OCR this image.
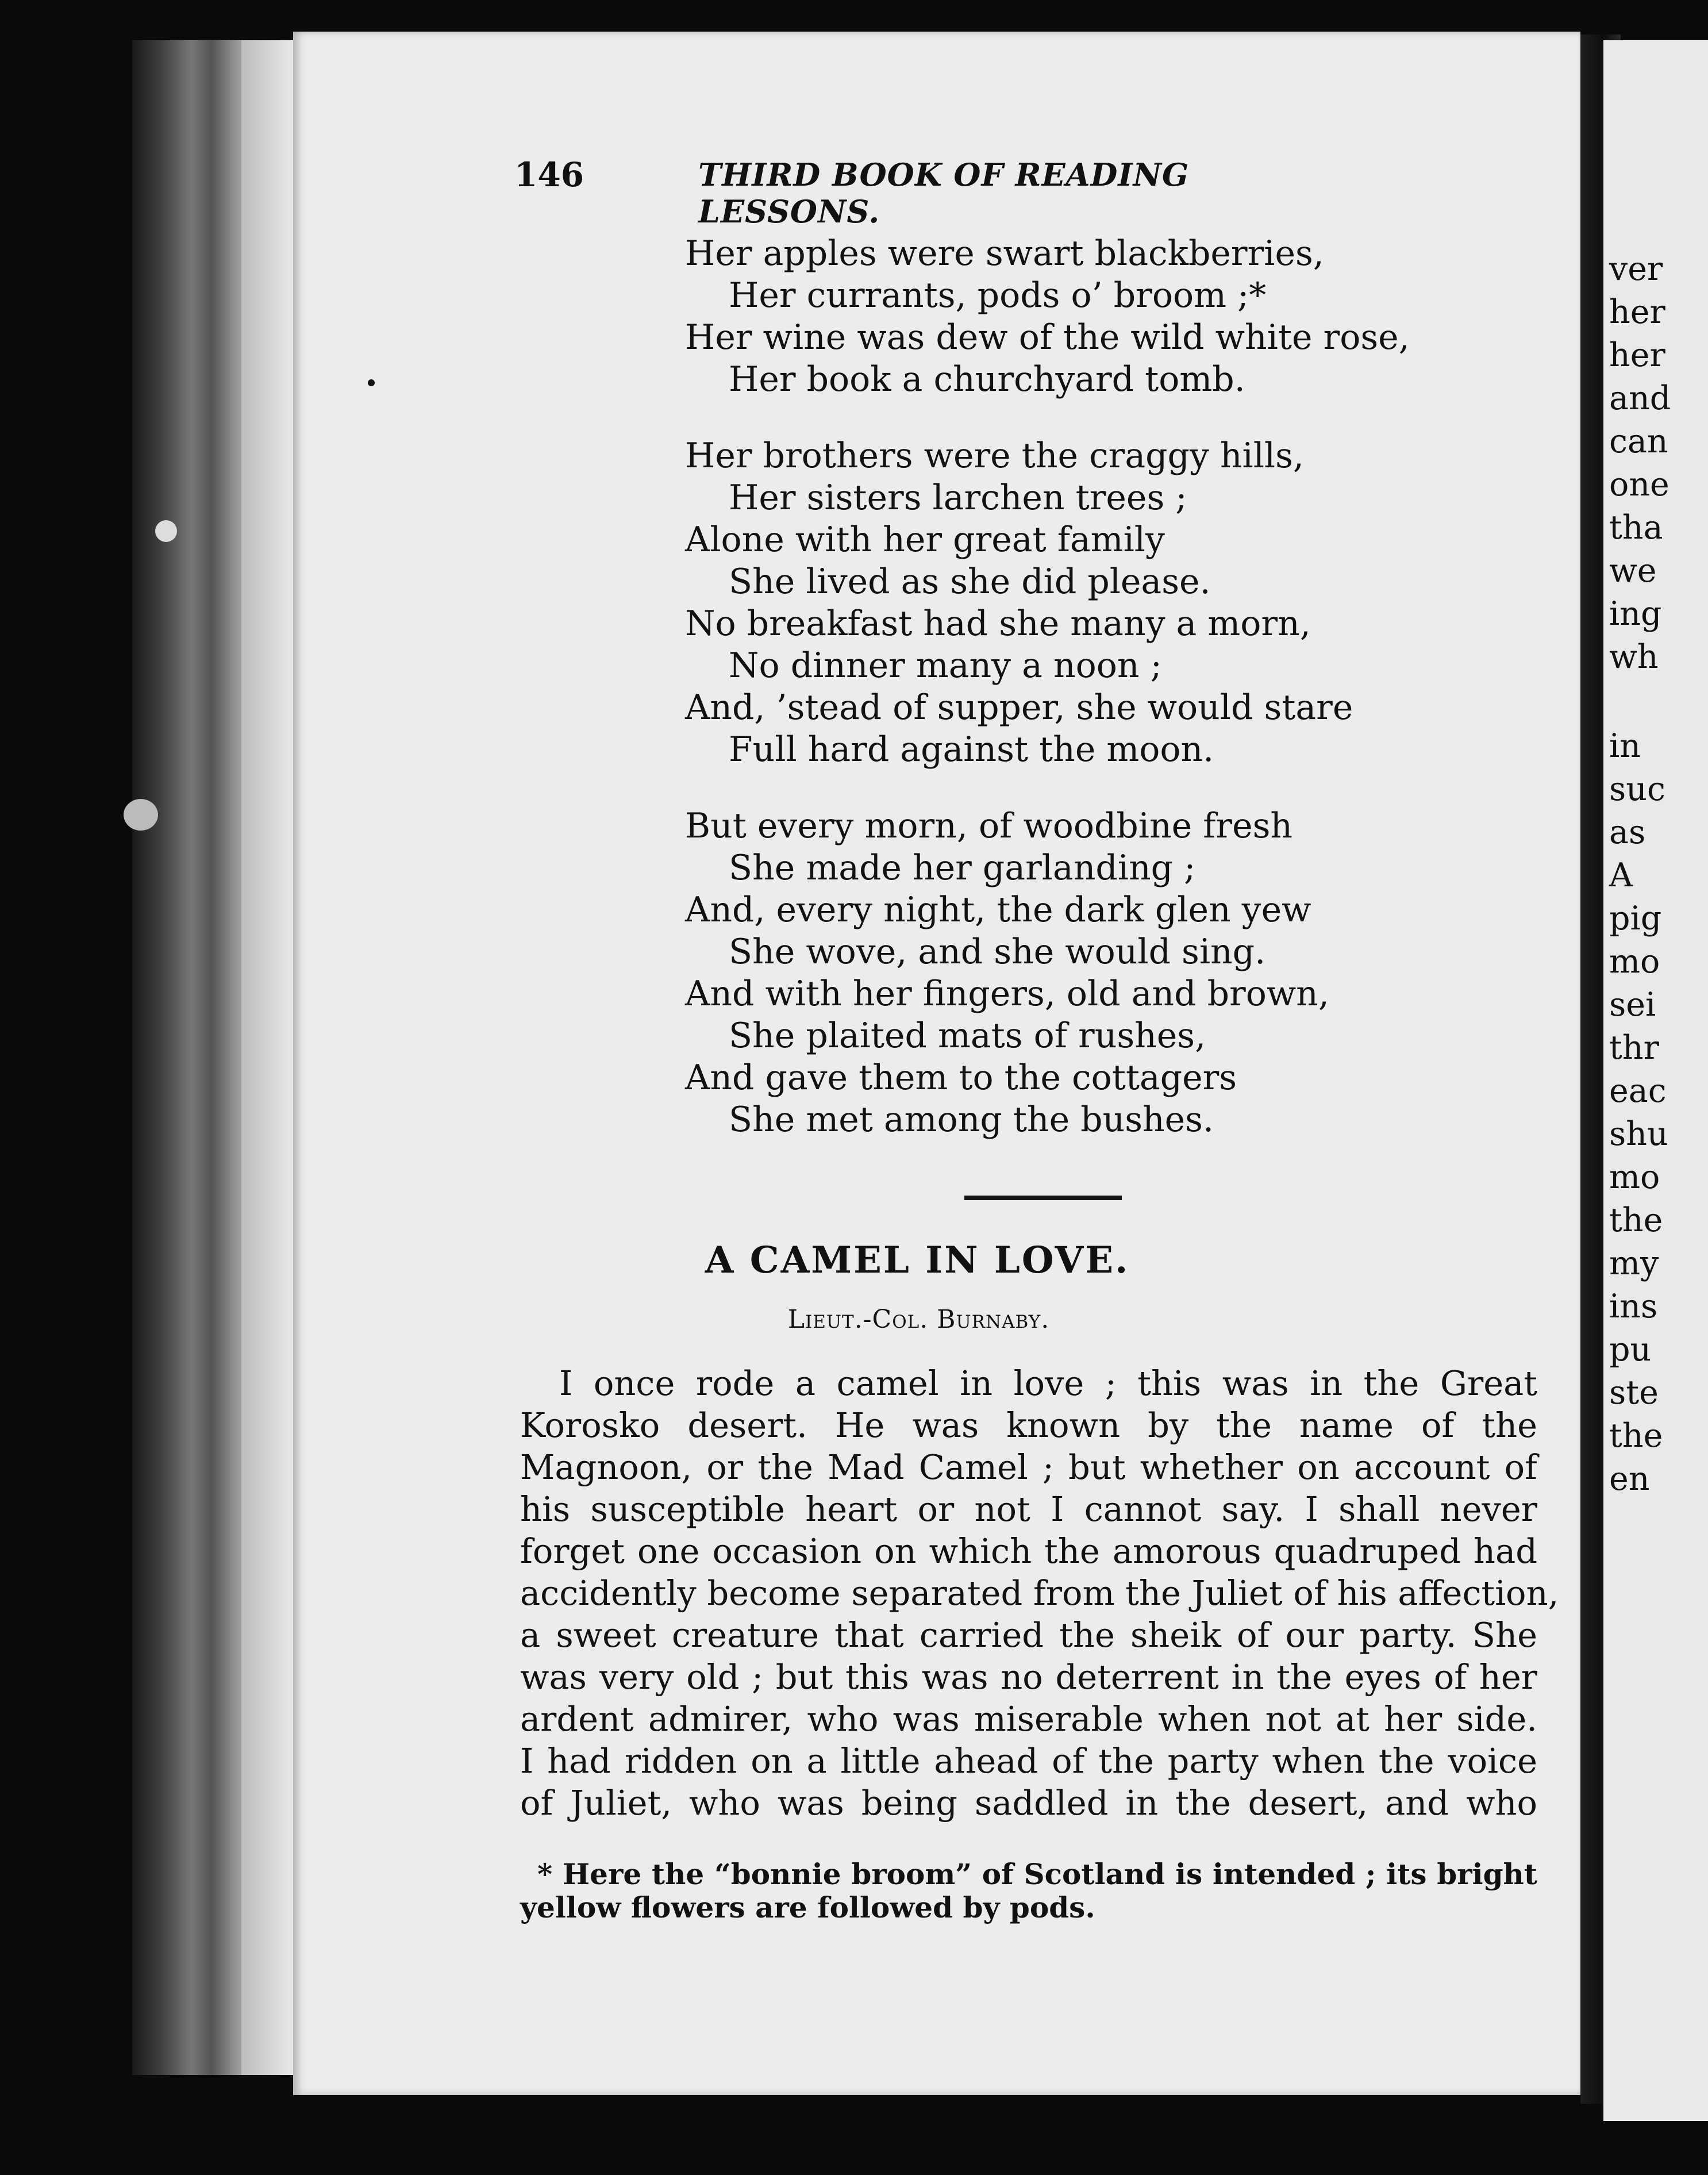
ver
her
her
and
can
one
tha
we
ing
wh
in
suc
as
A
pig
mo
sei
thr
eac
shu
mo
the
my
ins
pu
ste
the
en
146	THIRD BOOK OF READING LESSONS.
Her apples were swart blackberries,
Her currants, pods o’ broom ;*
Her wine was dew of the wild white rose,
Her book a churchyard tomb.
Her brothers were the craggy hills,
Her sisters larchen trees ;
Alone with her great family
She lived as she did please.
No breakfast had she many a morn,
No dinner many a noon ;
And, ’stead of supper, she would stare
Full hard against the moon.
But every morn, of woodbine fresh
She made her garlanding ;
And, every night, the dark glen yew
She wove, and she would sing.
And with her fingers, old and brown,
She plaited mats of rushes,
And gave them to the cottagers
She met among the bushes.
A CAMEL IN LOVE.
Lieut.-Col. Burnaby.
I once rode a camel in love ; this was in the Great
Korosko desert. He was known by the name of the
Magnoon, or the Mad Camel ; but whether on account of
his susceptible heart or not I cannot say. I shall never
forget one occasion on which the amorous quadruped had
accidently become separated from the Juliet of his affection,
a sweet creature that carried the sheik of our party. She
was very old ; but this was no deterrent in the eyes of her
ardent admirer, who was miserable when not at her side.
I had ridden on a little ahead of the party when the voice
of Juliet, who was being saddled in the desert, and who
* Here the “bonnie broom” of Scotland is intended ; its bright
yellow flowers are followed by pods.
